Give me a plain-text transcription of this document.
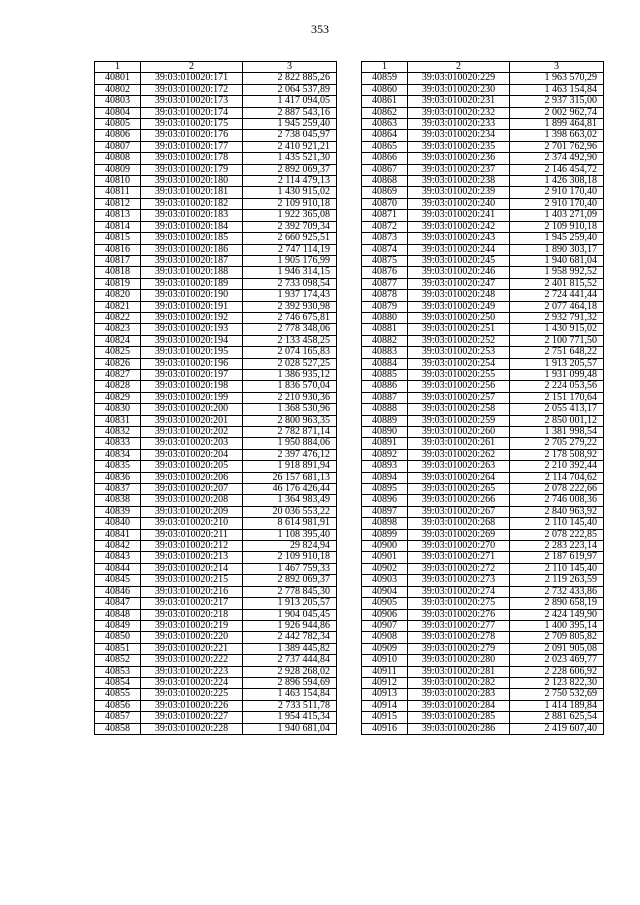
353
1	2	3
40801	39:03:010020:171	2 822 885,26
40802	39:03:010020:172	2 064 537,89
40803	39:03:010020:173	1 417 094,05
40804	39:03:010020:174	2 887 543,16
40805	39:03:010020:175	1 945 259,40
40806	39:03:010020:176	2 738 045,97
40807	39:03:010020:177	2 410 921,21
40808	39:03:010020:178	1 435 521,30
40809	39:03:010020:179	2 892 069,37
40810	39:03:010020:180	2 114 479,13
40811	39:03:010020:181	1 430 915,02
40812	39:03:010020:182	2 109 910,18
40813	39:03:010020:183	1 922 365,08
40814	39:03:010020:184	2 392 709,34
40815	39:03:010020:185	2 660 925,51
40816	39:03:010020:186	2 747 114,19
40817	39:03:010020:187	1 905 176,99
40818	39:03:010020:188	1 946 314,15
40819	39:03:010020:189	2 733 098,54
40820	39:03:010020:190	1 937 174,43
40821	39:03:010020:191	2 392 930,98
40822	39:03:010020:192	2 746 675,81
40823	39:03:010020:193	2 778 348,06
40824	39:03:010020:194	2 133 458,25
40825	39:03:010020:195	2 074 165,83
40826	39:03:010020:196	2 028 527,25
40827	39:03:010020:197	1 386 935,12
40828	39:03:010020:198	1 836 570,04
40829	39:03:010020:199	2 210 930,36
40830	39:03:010020:200	1 368 530,96
40831	39:03:010020:201	2 800 963,35
40832	39:03:010020:202	2 782 871,14
40833	39:03:010020:203	1 950 884,06
40834	39:03:010020:204	2 397 476,12
40835	39:03:010020:205	1 918 891,94
40836	39:03:010020:206	26 157 681,13
40837	39:03:010020:207	46 176 426,44
40838	39:03:010020:208	1 364 983,49
40839	39:03:010020:209	20 036 553,22
40840	39:03:010020:210	8 614 981,91
40841	39:03:010020:211	1 108 395,40
40842	39:03:010020:212	29 824,94
40843	39:03:010020:213	2 109 910,18
40844	39:03:010020:214	1 467 759,33
40845	39:03:010020:215	2 892 069,37
40846	39:03:010020:216	2 778 845,30
40847	39:03:010020:217	1 913 205,57
40848	39:03:010020:218	1 904 045,45
40849	39:03:010020:219	1 926 944,86
40850	39:03:010020:220	2 442 782,34
40851	39:03:010020:221	1 389 445,82
40852	39:03:010020:222	2 737 444,84
40853	39:03:010020:223	2 928 268,02
40854	39:03:010020:224	2 896 594,69
40855	39:03:010020:225	1 463 154,84
40856	39:03:010020:226	2 733 511,78
40857	39:03:010020:227	1 954 415,34
40858	39:03:010020:228	1 940 681,04
1	2	3
40859	39:03:010020:229	1 963 570,29
40860	39:03:010020:230	1 463 154,84
40861	39:03:010020:231	2 937 315,00
40862	39:03:010020:232	2 002 962,74
40863	39:03:010020:233	1 899 464,81
40864	39:03:010020:234	1 398 663,02
40865	39:03:010020:235	2 701 762,96
40866	39:03:010020:236	2 374 492,90
40867	39:03:010020:237	2 146 454,72
40868	39:03:010020:238	1 426 308,18
40869	39:03:010020:239	2 910 170,40
40870	39:03:010020:240	2 910 170,40
40871	39:03:010020:241	1 403 271,09
40872	39:03:010020:242	2 109 910,18
40873	39:03:010020:243	1 945 259,40
40874	39:03:010020:244	1 890 303,17
40875	39:03:010020:245	1 940 681,04
40876	39:03:010020:246	1 958 992,52
40877	39:03:010020:247	2 401 815,52
40878	39:03:010020:248	2 724 441,44
40879	39:03:010020:249	2 077 464,18
40880	39:03:010020:250	2 932 791,32
40881	39:03:010020:251	1 430 915,02
40882	39:03:010020:252	2 100 771,50
40883	39:03:010020:253	2 751 648,22
40884	39:03:010020:254	1 913 205,57
40885	39:03:010020:255	1 931 099,48
40886	39:03:010020:256	2 224 053,56
40887	39:03:010020:257	2 151 170,64
40888	39:03:010020:258	2 055 413,17
40889	39:03:010020:259	2 850 001,12
40890	39:03:010020:260	1 381 998,54
40891	39:03:010020:261	2 705 279,22
40892	39:03:010020:262	2 178 508,92
40893	39:03:010020:263	2 210 392,44
40894	39:03:010020:264	2 114 704,62
40895	39:03:010020:265	2 078 222,66
40896	39:03:010020:266	2 746 008,36
40897	39:03:010020:267	2 840 963,92
40898	39:03:010020:268	2 110 145,40
40899	39:03:010020:269	2 078 222,85
40900	39:03:010020:270	2 283 223,14
40901	39:03:010020:271	2 187 619,97
40902	39:03:010020:272	2 110 145,40
40903	39:03:010020:273	2 119 263,59
40904	39:03:010020:274	2 732 433,86
40905	39:03:010020:275	2 890 658,19
40906	39:03:010020:276	2 424 149,90
40907	39:03:010020:277	1 400 395,14
40908	39:03:010020:278	2 709 805,82
40909	39:03:010020:279	2 091 905,08
40910	39:03:010020:280	2 023 469,77
40911	39:03:010020:281	2 228 606,92
40912	39:03:010020:282	2 123 822,30
40913	39:03:010020:283	2 750 532,69
40914	39:03:010020:284	1 414 189,84
40915	39:03:010020:285	2 881 625,54
40916	39:03:010020:286	2 419 607,40
